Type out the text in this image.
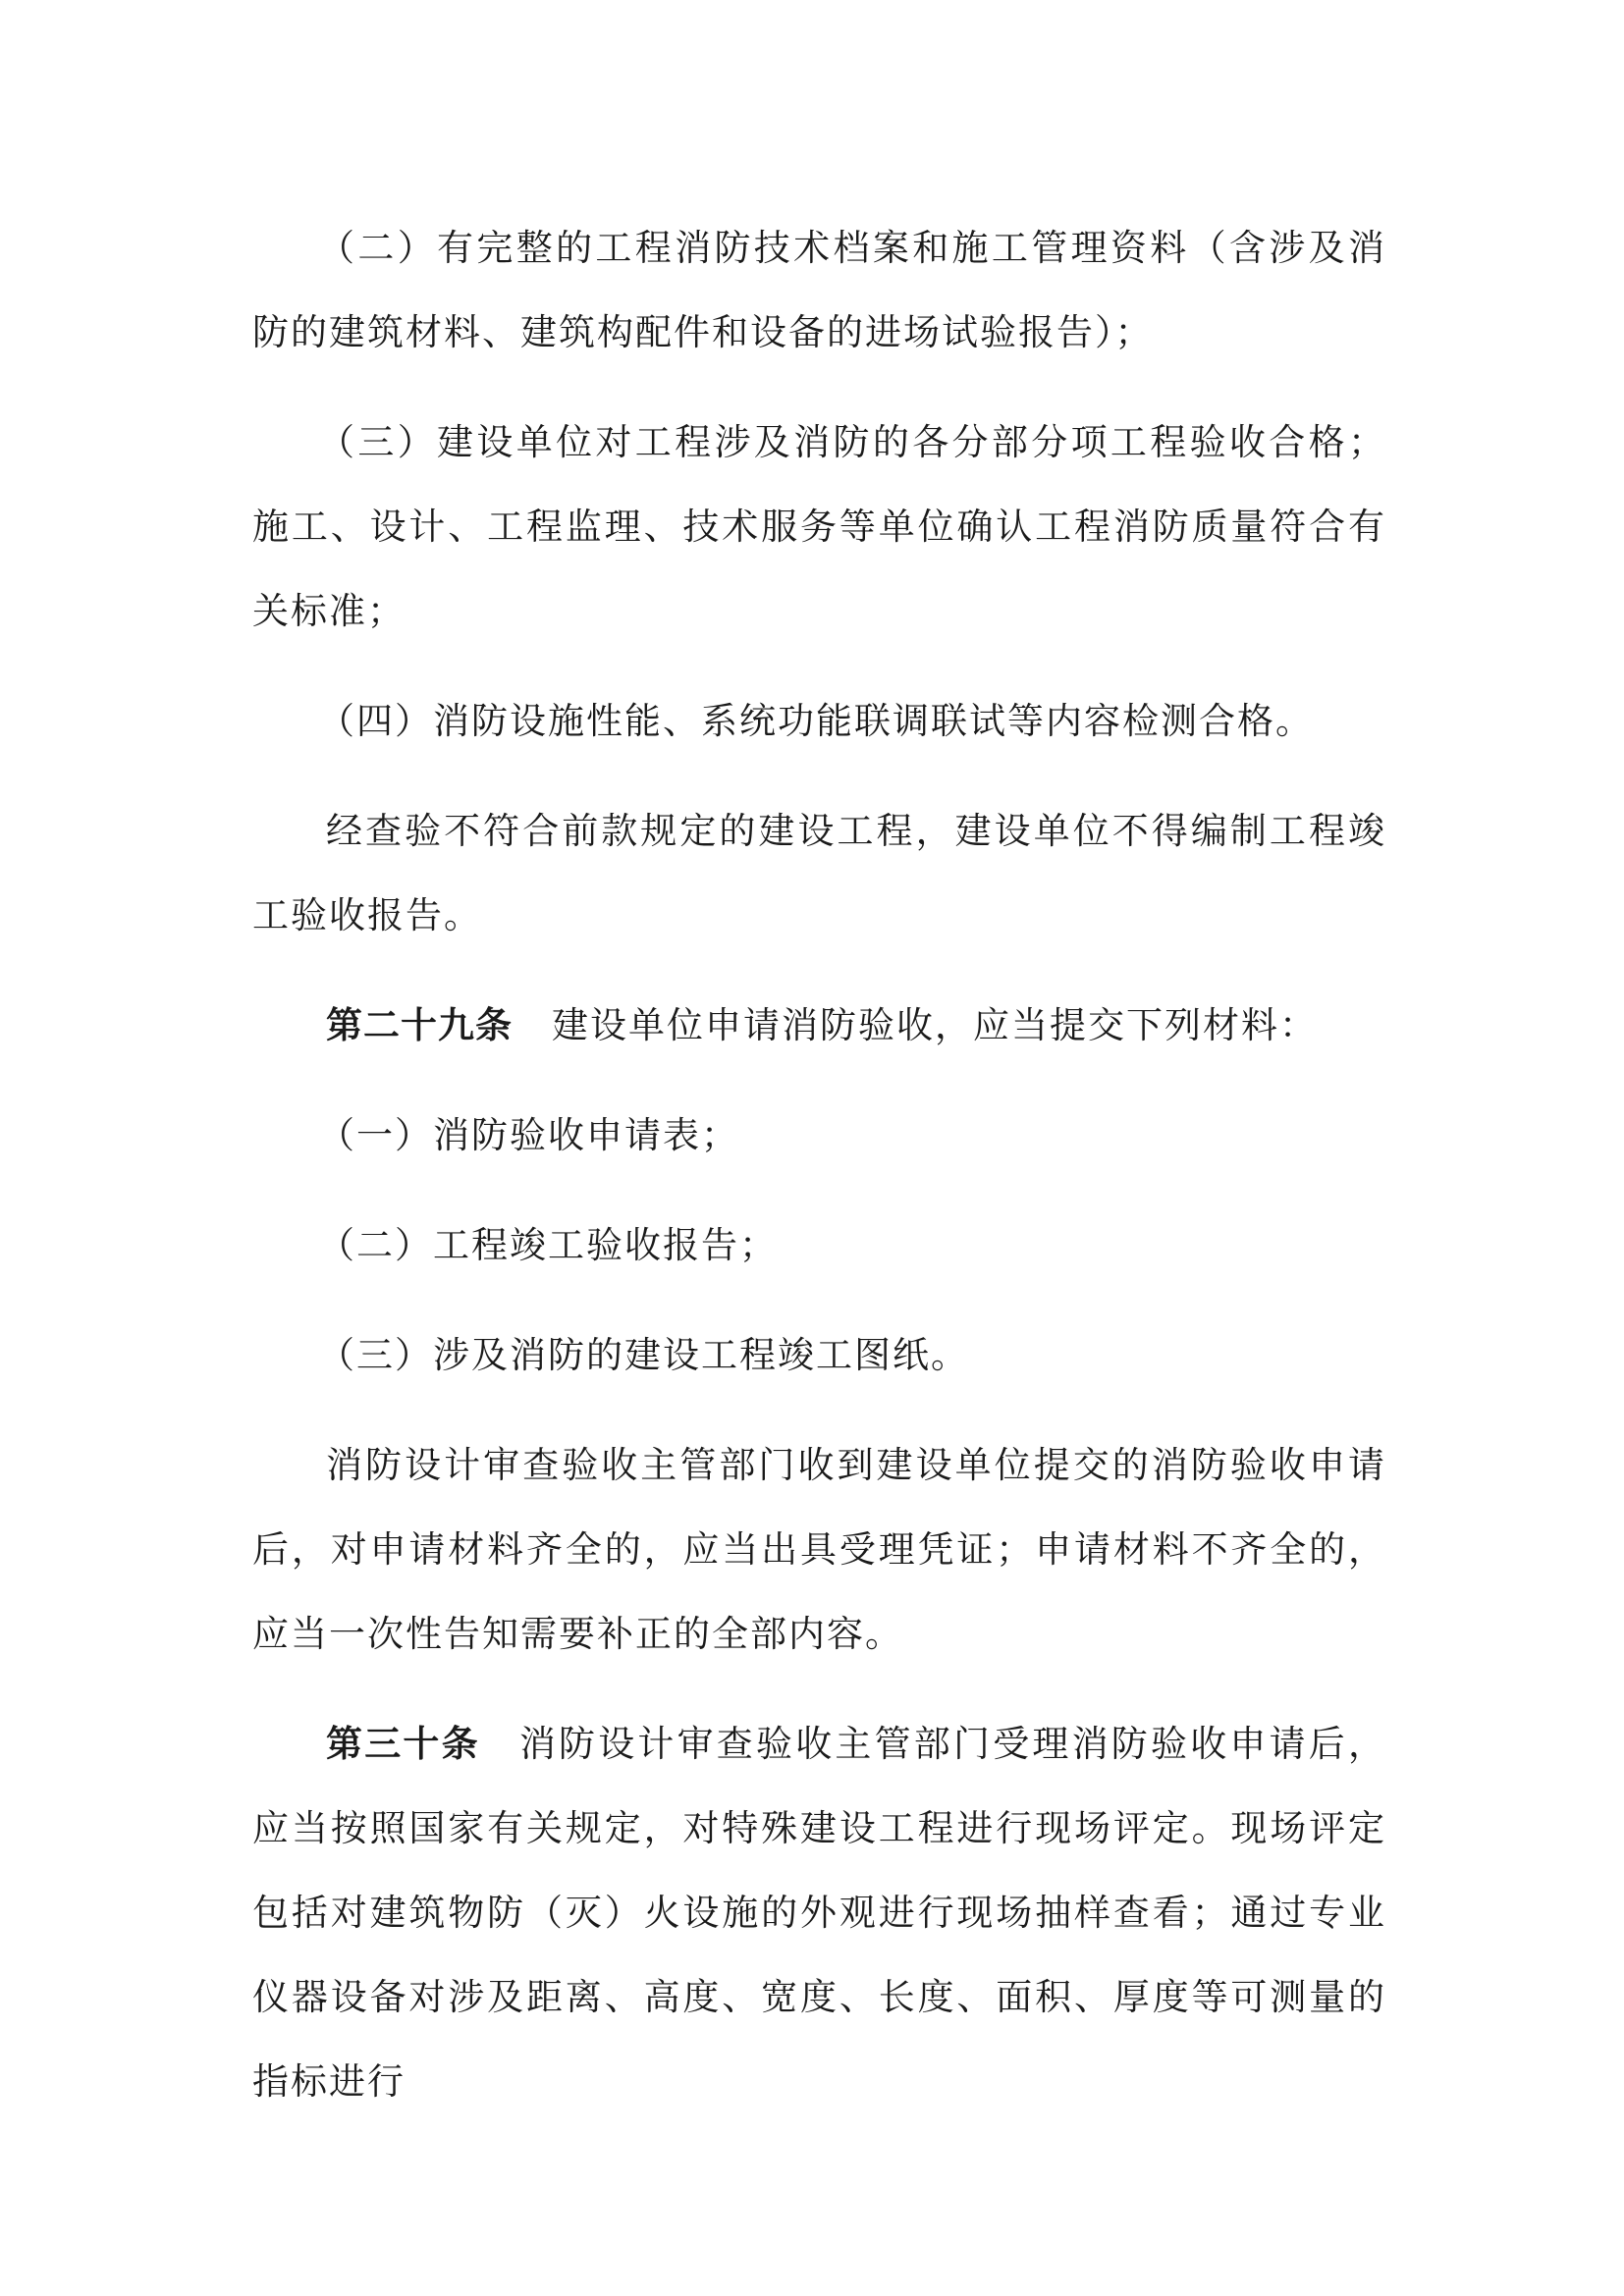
（二）有完整的工程消防技术档案和施工管理资料（含涉及消防的建筑材料、建筑构配件和设备的进场试验报告）；

（三）建设单位对工程涉及消防的各分部分项工程验收合格；施工、设计、工程监理、技术服务等单位确认工程消防质量符合有关标准；

（四）消防设施性能、系统功能联调联试等内容检测合格。

经查验不符合前款规定的建设工程，建设单位不得编制工程竣工验收报告。

第二十九条 建设单位申请消防验收，应当提交下列材料：

（一）消防验收申请表；

（二）工程竣工验收报告；

（三）涉及消防的建设工程竣工图纸。

消防设计审查验收主管部门收到建设单位提交的消防验收申请后，对申请材料齐全的，应当出具受理凭证；申请材料不齐全的，应当一次性告知需要补正的全部内容。

第三十条 消防设计审查验收主管部门受理消防验收申请后，应当按照国家有关规定，对特殊建设工程进行现场评定。现场评定包括对建筑物防（灭）火设施的外观进行现场抽样查看；通过专业仪器设备对涉及距离、高度、宽度、长度、面积、厚度等可测量的指标进行
